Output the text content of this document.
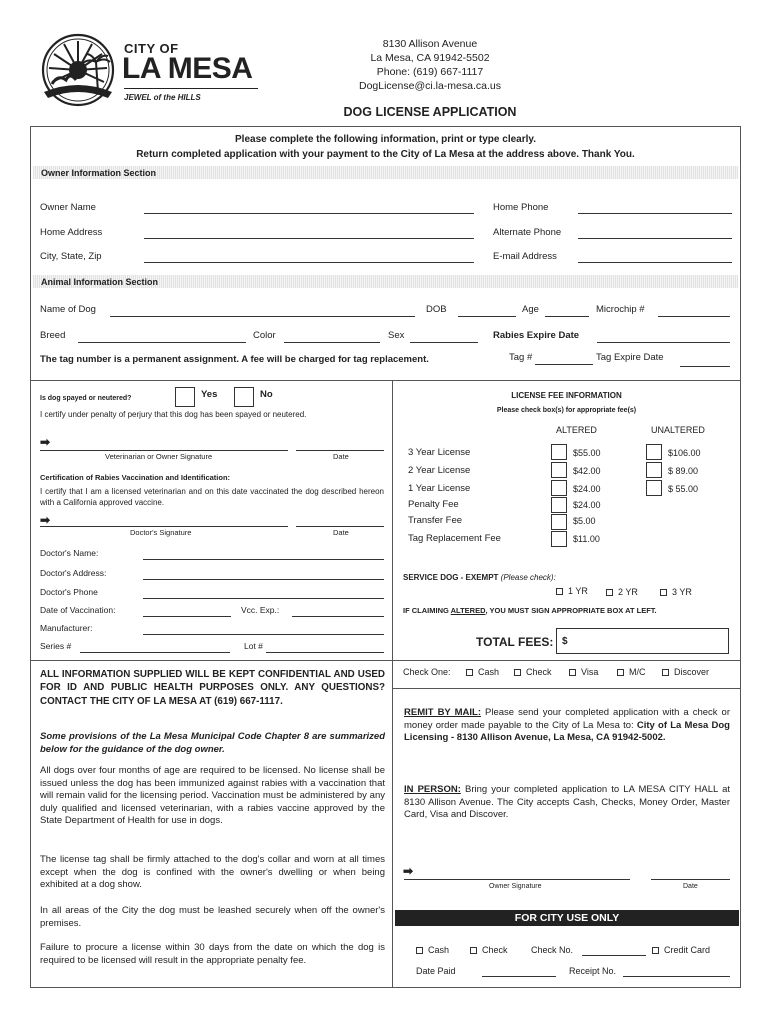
CITY OF
LA MESA
JEWEL of the HILLS
8130 Allison Avenue
La Mesa, CA 91942-5502
Phone: (619) 667-1117
DogLicense@ci.la-mesa.ca.us
DOG LICENSE APPLICATION
Please complete the following information, print or type clearly.
Return completed application with your payment to the City of La Mesa at the address above. Thank You.
Owner Information Section
Owner Name
Home Address
City, State, Zip
Home Phone
Alternate Phone
E-mail Address
Animal Information Section
Name of Dog	DOB	Age	Microchip #
Breed	Color	Sex	Rabies Expire Date
The tag number is a permanent assignment. A fee will be charged for tag replacement.	Tag #	Tag Expire Date
Is dog spayed or neutered?	Yes	No
I certify under penalty of perjury that this dog has been spayed or neutered.
➡
Veterinarian or Owner Signature	Date
Certification of Rabies Vaccination and Identification:
I certify that I am a licensed veterinarian and on this date vaccinated the dog described hereon with a California approved vaccine.
➡
Doctor's Signature	Date
Doctor's Name:
Doctor's Address:
Doctor's Phone
Date of Vaccination:	Vcc. Exp.:
Manufacturer:
Series #	Lot #
ALL INFORMATION SUPPLIED WILL BE KEPT CONFIDENTIAL AND USED FOR ID AND PUBLIC HEALTH PURPOSES ONLY. ANY QUESTIONS? CONTACT THE CITY OF LA MESA AT (619) 667-1117.
Some provisions of the La Mesa Municipal Code Chapter 8 are summarized below for the guidance of the dog owner.
All dogs over four months of age are required to be licensed. No license shall be issued unless the dog has been immunized against rabies with a vaccination that will remain valid for the licensing period. Vaccination must be administered by any duly qualified and licensed veterinarian, with a rabies vaccine approved by the State Department of Health for use in dogs.
The license tag shall be firmly attached to the dog's collar and worn at all times except when the dog is confined with the owner's dwelling or when being exhibited at a dog show.
In all areas of the City the dog must be leashed securely when off the owner's premises.
Failure to procure a license within 30 days from the date on which the dog is required to be licensed will result in the appropriate penalty fee.
LICENSE FEE INFORMATION
Please check box(s) for appropriate fee(s)
ALTERED	UNALTERED
3 Year License	$55.00	$106.00
2 Year License	$42.00	$ 89.00
1 Year License	$24.00	$ 55.00
Penalty Fee	$24.00
Transfer Fee	$5.00
Tag Replacement Fee	$11.00
SERVICE DOG - EXEMPT (Please check):
1 YR	2 YR	3 YR
IF CLAIMING ALTERED, YOU MUST SIGN APPROPRIATE BOX AT LEFT.
TOTAL FEES: $
Check One:	Cash	Check	Visa	M/C	Discover
REMIT BY MAIL: Please send your completed application with a check or money order made payable to the City of La Mesa to: City of La Mesa Dog Licensing - 8130 Allison Avenue, La Mesa, CA 91942-5002.
IN PERSON: Bring your completed application to LA MESA CITY HALL at 8130 Allison Avenue. The City accepts Cash, Checks, Money Order, Master Card, Visa and Discover.
➡
Owner Signature	Date
FOR CITY USE ONLY
Cash	Check	Check No.	Credit Card
Date Paid	Receipt No.
